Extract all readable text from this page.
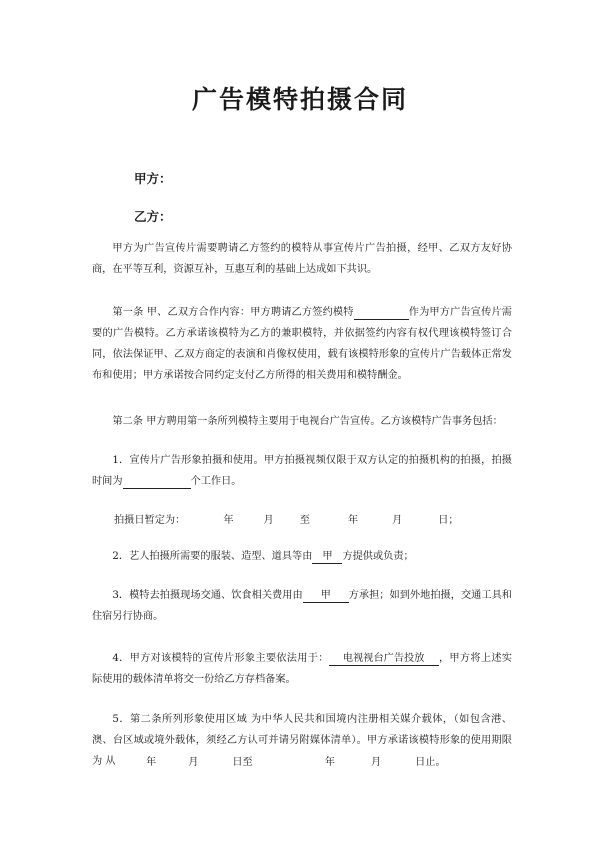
广告模特拍摄合同

甲方：

乙方：

甲方为广告宣传片需要聘请乙方签约的模特从事宣传片广告拍摄，经甲、乙双方友好协商，在平等互利，资源互补，互惠互利的基础上达成如下共识。

第一条 甲、乙双方合作内容：甲方聘请乙方签约模特	作为甲方广告宣传片需要的广告模特。乙方承诺该模特为乙方的兼职模特，并依据签约内容有权代理该模特签订合同，依法保证甲、乙双方商定的表演和肖像权使用，载有该模特形象的宣传片广告载体正常发布和使用；甲方承诺按合同约定支付乙方所得的相关费用和模特酬金。

第二条 甲方聘用第一条所列模特主要用于电视台广告宣传。乙方该模特广告事务包括：

1．宣传片广告形象拍摄和使用。甲方拍摄视频仅限于双方认定的拍摄机构的拍摄，拍摄时间为	个工作日。

拍摄日暂定为：	年	月	至	年	月	日；

2．艺人拍摄所需要的服装、造型、道具等由 甲 方提供或负责；

3．模特去拍摄现场交通、饮食相关费用由 甲 方承担；如到外地拍摄，交通工具和住宿另行协商。

4．甲方对该模特的宣传片形象主要依法用于： 电视视台广告投放 ，甲方将上述实际使用的载体清单将交一份给乙方存档备案。

5．第二条所列形象使用区域 为中华人民共和国境内注册相关媒介载体，（如包含港、澳、台区域或境外载体，须经乙方认可并请另附媒体清单）。甲方承诺该模特形象的使用期限为 从	年	月	日至	年	月	日止。
